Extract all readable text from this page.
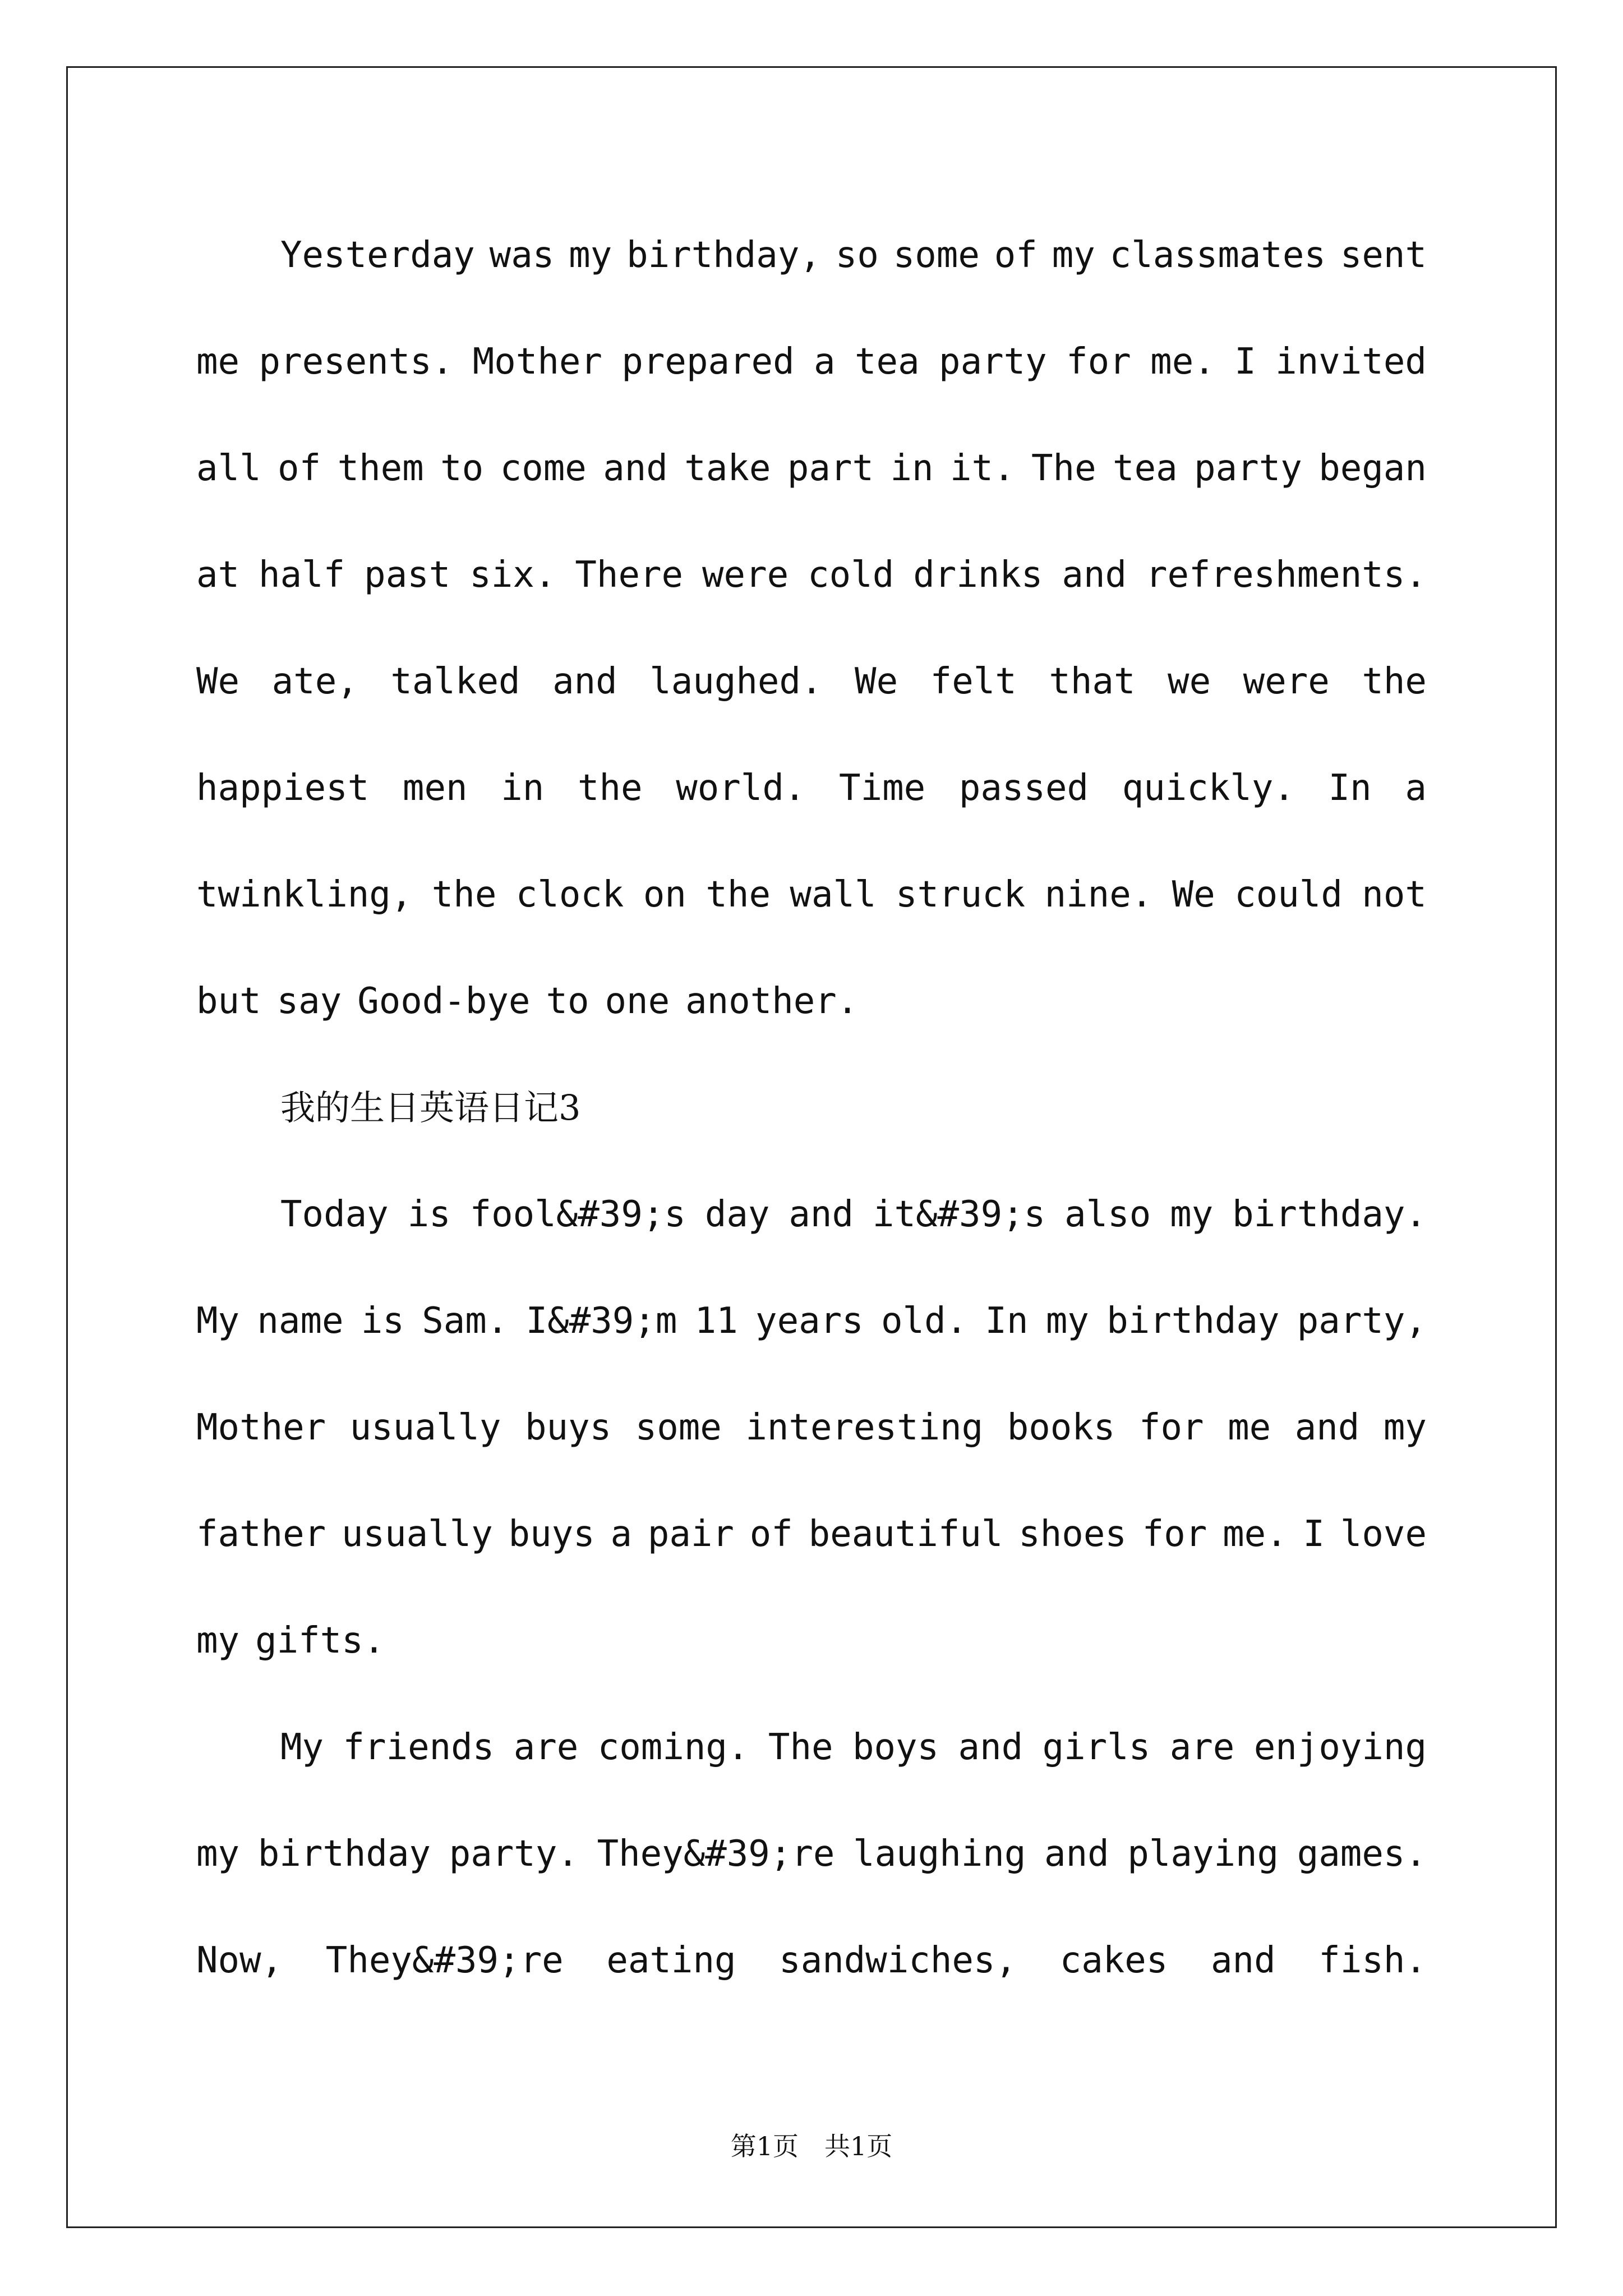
Yesterday was my birthday, so some of my classmates sent
me presents. Mother prepared a tea party for me. I invited
all of them to come and take part in it. The tea party began
at half past six. There were cold drinks and refreshments.
We ate, talked and laughed. We felt that we were the
happiest men in the world. Time passed quickly. In a
twinkling, the clock on the wall struck nine. We could not
but say Good-bye to one another.
我的生日英语日记3
Today is fool&#39;s day and it&#39;s also my birthday.
My name is Sam. I&#39;m 11 years old. In my birthday party,
Mother usually buys some interesting books for me and my
father usually buys a pair of beautiful shoes for me. I love
my gifts.
My friends are coming. The boys and girls are enjoying
my birthday party. They&#39;re laughing and playing games.
Now, They&#39;re eating sandwiches, cakes and fish.
第1页　共1页
